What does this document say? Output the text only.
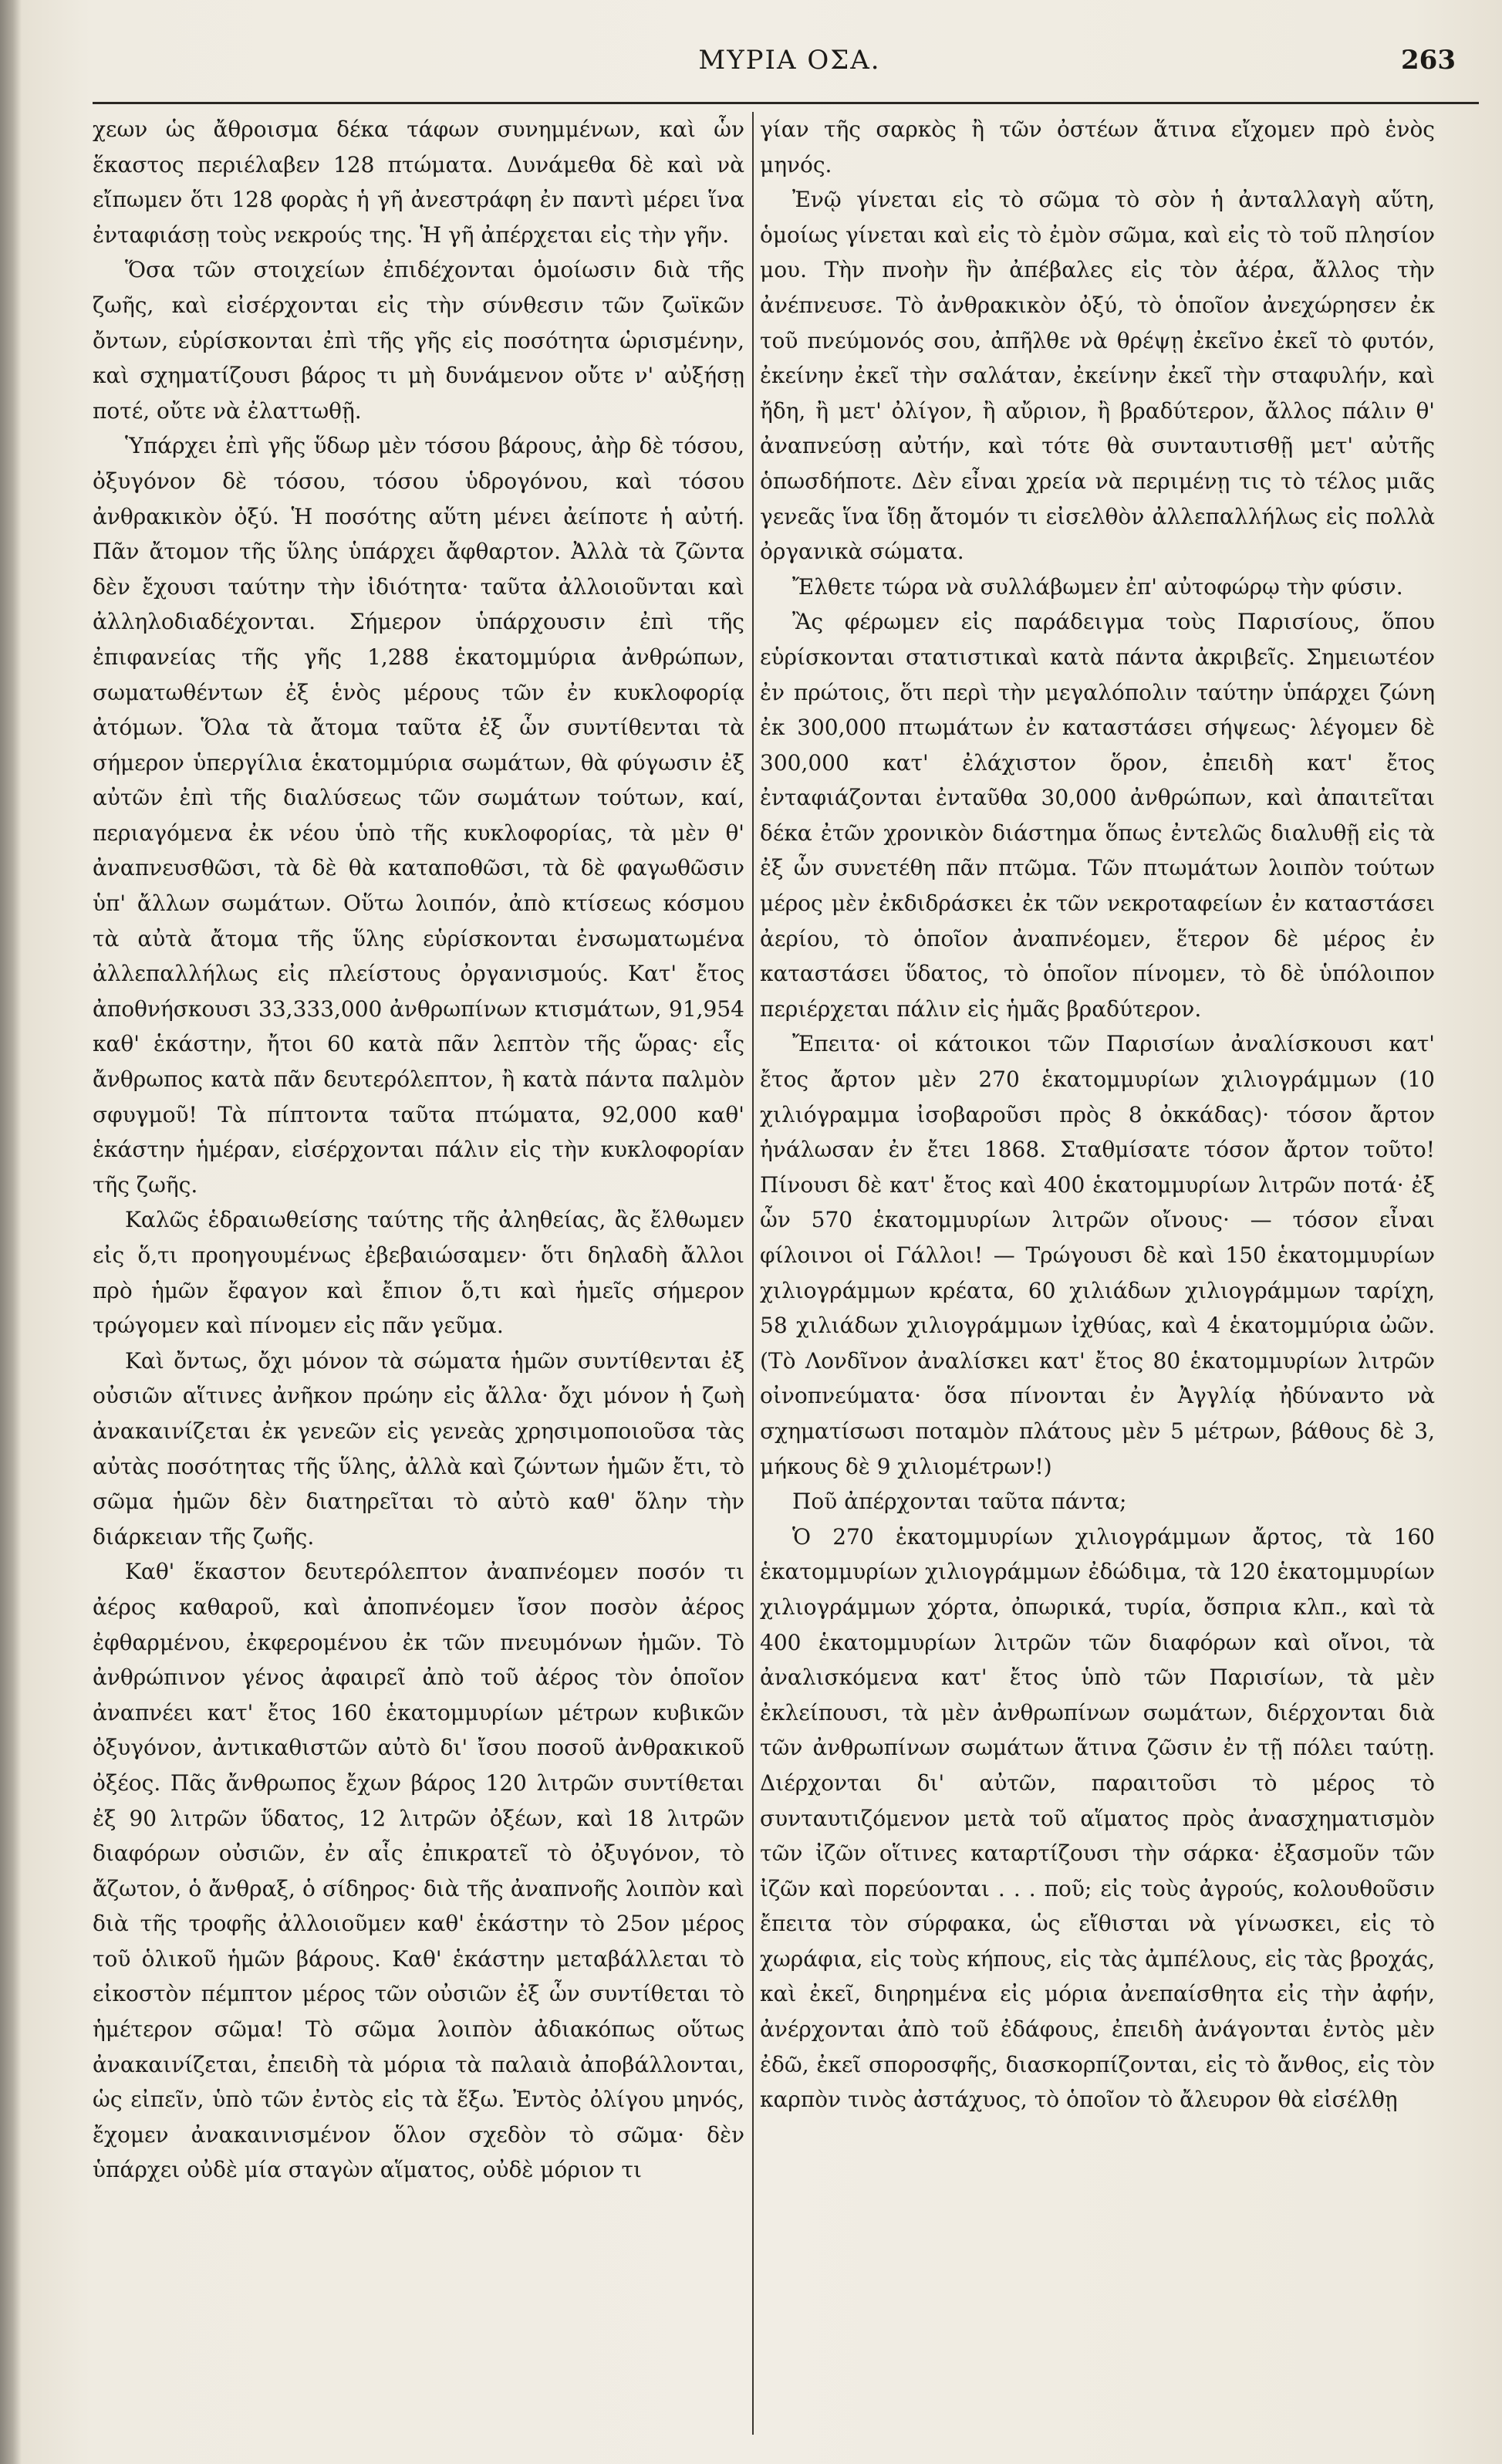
ΜΥΡΙΑ ΟΣΑ.	263

χεων ὡς ἄθροισμα δέκα τάφων συνημμένων, καὶ ὧν ἕκαστος περιέλαβεν 128 πτώματα. Δυνάμεθα δὲ καὶ νὰ εἴπωμεν ὅτι 128 φορὰς ἡ γῆ ἀνεστράφη ἐν παντὶ μέρει ἵνα ἐνταφιάσῃ τοὺς νεκρούς της. Ἡ γῆ ἀπέρχεται εἰς τὴν γῆν.

Ὅσα τῶν στοιχείων ἐπιδέχονται ὁμοίωσιν διὰ τῆς ζωῆς, καὶ εἰσέρχονται εἰς τὴν σύνθεσιν τῶν ζωϊκῶν ὄντων, εὑρίσκονται ἐπὶ τῆς γῆς εἰς ποσότητα ὡρισμένην, καὶ σχηματίζουσι βάρος τι μὴ δυνάμενον οὔτε ν' αὐξήσῃ ποτέ, οὔτε νὰ ἐλαττωθῇ.

Ὑπάρχει ἐπὶ γῆς ὕδωρ μὲν τόσου βάρους, ἀὴρ δὲ τόσου, ὀξυγόνον δὲ τόσου, τόσου ὑδρογόνου, καὶ τόσου ἀνθρακικὸν ὀξύ. Ἡ ποσότης αὕτη μένει ἀείποτε ἡ αὐτή. Πᾶν ἄτομον τῆς ὕλης ὑπάρχει ἄφθαρτον. Ἀλλὰ τὰ ζῶντα δὲν ἔχουσι ταύτην τὴν ἰδιότητα· ταῦτα ἀλλοιοῦνται καὶ ἀλληλοδιαδέχονται. Σήμερον ὑπάρχουσιν ἐπὶ τῆς ἐπιφανείας τῆς γῆς 1,288 ἑκατομμύρια ἀνθρώπων, σωματωθέντων ἐξ ἑνὸς μέρους τῶν ἐν κυκλοφορίᾳ ἀτόμων. Ὅλα τὰ ἄτομα ταῦτα ἐξ ὧν συντίθενται τὰ σήμερον ὑπεργίλια ἑκατομμύρια σωμάτων, θὰ φύγωσιν ἐξ αὐτῶν ἐπὶ τῆς διαλύσεως τῶν σωμάτων τούτων, καί, περιαγόμενα ἐκ νέου ὑπὸ τῆς κυκλοφορίας, τὰ μὲν θ' ἀναπνευσθῶσι, τὰ δὲ θὰ καταποθῶσι, τὰ δὲ φαγωθῶσιν ὑπ' ἄλλων σωμάτων. Οὕτω λοιπόν, ἀπὸ κτίσεως κόσμου τὰ αὐτὰ ἄτομα τῆς ὕλης εὑρίσκονται ἐνσωματωμένα ἀλλεπαλλήλως εἰς πλείστους ὀργανισμούς. Κατ' ἔτος ἀποθνήσκουσι 33,333,000 ἀνθρωπίνων κτισμάτων, 91,954 καθ' ἑκάστην, ἤτοι 60 κατὰ πᾶν λεπτὸν τῆς ὥρας· εἷς ἄνθρωπος κατὰ πᾶν δευτερόλεπτον, ἢ κατὰ πάντα παλμὸν σφυγμοῦ! Τὰ πίπτοντα ταῦτα πτώματα, 92,000 καθ' ἑκάστην ἡμέραν, εἰσέρχονται πάλιν εἰς τὴν κυκλοφορίαν τῆς ζωῆς.

Καλῶς ἑδραιωθείσης ταύτης τῆς ἀληθείας, ἂς ἔλθωμεν εἰς ὅ,τι προηγουμένως ἐβεβαιώσαμεν· ὅτι δηλαδὴ ἄλλοι πρὸ ἡμῶν ἔφαγον καὶ ἔπιον ὅ,τι καὶ ἡμεῖς σήμερον τρώγομεν καὶ πίνομεν εἰς πᾶν γεῦμα.

Καὶ ὄντως, ὄχι μόνον τὰ σώματα ἡμῶν συντίθενται ἐξ οὐσιῶν αἵτινες ἀνῆκον πρώην εἰς ἄλλα· ὄχι μόνον ἡ ζωὴ ἀνακαινίζεται ἐκ γενεῶν εἰς γενεὰς χρησιμοποιοῦσα τὰς αὐτὰς ποσότητας τῆς ὕλης, ἀλλὰ καὶ ζώντων ἡμῶν ἔτι, τὸ σῶμα ἡμῶν δὲν διατηρεῖται τὸ αὐτὸ καθ' ὅλην τὴν διάρκειαν τῆς ζωῆς.

Καθ' ἕκαστον δευτερόλεπτον ἀναπνέομεν ποσόν τι ἀέρος καθαροῦ, καὶ ἀποπνέομεν ἴσον ποσὸν ἀέρος ἐφθαρμένου, ἐκφερομένου ἐκ τῶν πνευμόνων ἡμῶν. Τὸ ἀνθρώπινον γένος ἀφαιρεῖ ἀπὸ τοῦ ἀέρος τὸν ὁποῖον ἀναπνέει κατ' ἔτος 160 ἑκατομμυρίων μέτρων κυβικῶν ὀξυγόνον, ἀντικαθιστῶν αὐτὸ δι' ἴσου ποσοῦ ἀνθρακικοῦ ὀξέος. Πᾶς ἄνθρωπος ἔχων βάρος 120 λιτρῶν συντίθεται ἐξ 90 λιτρῶν ὕδατος, 12 λιτρῶν ὀξέων, καὶ 18 λιτρῶν διαφόρων οὐσιῶν, ἐν αἷς ἐπικρατεῖ τὸ ὀξυγόνον, τὸ ἄζωτον, ὁ ἄνθραξ, ὁ σίδηρος· διὰ τῆς ἀναπνοῆς λοιπὸν καὶ διὰ τῆς τροφῆς ἀλλοιοῦμεν καθ' ἑκάστην τὸ 25ον μέρος τοῦ ὁλικοῦ ἡμῶν βάρους. Καθ' ἑκάστην μεταβάλλεται τὸ εἰκοστὸν πέμπτον μέρος τῶν οὐσιῶν ἐξ ὧν συντίθεται τὸ ἡμέτερον σῶμα! Τὸ σῶμα λοιπὸν ἀδιακόπως οὕτως ἀνακαινίζεται, ἐπειδὴ τὰ μόρια τὰ παλαιὰ ἀποβάλλονται, ὡς εἰπεῖν, ὑπὸ τῶν ἐντὸς εἰς τὰ ἔξω. Ἐντὸς ὀλίγου μηνός, ἔχομεν ἀνακαινισμένον ὅλον σχεδὸν τὸ σῶμα· δὲν ὑπάρχει οὐδὲ μία σταγὼν αἵματος, οὐδὲ μόριον τι

γίαν τῆς σαρκὸς ἢ τῶν ὀστέων ἅτινα εἴχομεν πρὸ ἑνὸς μηνός.

Ἐνῷ γίνεται εἰς τὸ σῶμα τὸ σὸν ἡ ἀνταλλαγὴ αὕτη, ὁμοίως γίνεται καὶ εἰς τὸ ἐμὸν σῶμα, καὶ εἰς τὸ τοῦ πλησίον μου. Τὴν πνοὴν ἣν ἀπέβαλες εἰς τὸν ἀέρα, ἄλλος τὴν ἀνέπνευσε. Τὸ ἀνθρακικὸν ὀξύ, τὸ ὁποῖον ἀνεχώρησεν ἐκ τοῦ πνεύμονός σου, ἀπῆλθε νὰ θρέψῃ ἐκεῖνο ἐκεῖ τὸ φυτόν, ἐκείνην ἐκεῖ τὴν σαλάταν, ἐκείνην ἐκεῖ τὴν σταφυλήν, καὶ ἤδη, ἢ μετ' ὀλίγον, ἢ αὔριον, ἢ βραδύτερον, ἄλλος πάλιν θ' ἀναπνεύσῃ αὐτήν, καὶ τότε θὰ συνταυτισθῇ μετ' αὐτῆς ὁπωσδήποτε. Δὲν εἶναι χρεία νὰ περιμένῃ τις τὸ τέλος μιᾶς γενεᾶς ἵνα ἴδῃ ἄτομόν τι εἰσελθὸν ἀλλεπαλλήλως εἰς πολλὰ ὀργανικὰ σώματα.

Ἔλθετε τώρα νὰ συλλάβωμεν ἐπ' αὐτοφώρῳ τὴν φύσιν.

Ἂς φέρωμεν εἰς παράδειγμα τοὺς Παρισίους, ὅπου εὑρίσκονται στατιστικαὶ κατὰ πάντα ἀκριβεῖς. Σημειωτέον ἐν πρώτοις, ὅτι περὶ τὴν μεγαλόπολιν ταύτην ὑπάρχει ζώνη ἐκ 300,000 πτωμάτων ἐν καταστάσει σήψεως· λέγομεν δὲ 300,000 κατ' ἐλάχιστον ὅρον, ἐπειδὴ κατ' ἔτος ἐνταφιάζονται ἐνταῦθα 30,000 ἀνθρώπων, καὶ ἀπαιτεῖται δέκα ἐτῶν χρονικὸν διάστημα ὅπως ἐντελῶς διαλυθῇ εἰς τὰ ἐξ ὧν συνετέθη πᾶν πτῶμα. Τῶν πτωμάτων λοιπὸν τούτων μέρος μὲν ἐκδιδράσκει ἐκ τῶν νεκροταφείων ἐν καταστάσει ἀερίου, τὸ ὁποῖον ἀναπνέομεν, ἕτερον δὲ μέρος ἐν καταστάσει ὕδατος, τὸ ὁποῖον πίνομεν, τὸ δὲ ὑπόλοιπον περιέρχεται πάλιν εἰς ἡμᾶς βραδύτερον.

Ἔπειτα· οἱ κάτοικοι τῶν Παρισίων ἀναλίσκουσι κατ' ἔτος ἄρτον μὲν 270 ἑκατομμυρίων χιλιογράμμων (10 χιλιόγραμμα ἰσοβαροῦσι πρὸς 8 ὀκκάδας)· τόσον ἄρτον ἠνάλωσαν ἐν ἔτει 1868. Σταθμίσατε τόσον ἄρτον τοῦτο! Πίνουσι δὲ κατ' ἔτος καὶ 400 ἑκατομμυρίων λιτρῶν ποτά· ἐξ ὧν 570 ἑκατομμυρίων λιτρῶν οἴνους· — τόσον εἶναι φίλοινοι οἱ Γάλλοι! — Τρώγουσι δὲ καὶ 150 ἑκατομμυρίων χιλιογράμμων κρέατα, 60 χιλιάδων χιλιογράμμων ταρίχη, 58 χιλιάδων χιλιογράμμων ἰχθύας, καὶ 4 ἑκατομμύρια ὠῶν. (Τὸ Λονδῖνον ἀναλίσκει κατ' ἔτος 80 ἑκατομμυρίων λιτρῶν οἰνοπνεύματα· ὅσα πίνονται ἐν Ἀγγλίᾳ ἠδύναντο νὰ σχηματίσωσι ποταμὸν πλάτους μὲν 5 μέτρων, βάθους δὲ 3, μήκους δὲ 9 χιλιομέτρων!)

Ποῦ ἀπέρχονται ταῦτα πάντα;

Ὁ 270 ἑκατομμυρίων χιλιογράμμων ἄρτος, τὰ 160 ἑκατομμυρίων χιλιογράμμων ἐδώδιμα, τὰ 120 ἑκατομμυρίων χιλιογράμμων χόρτα, ὀπωρικά, τυρία, ὄσπρια κλπ., καὶ τὰ 400 ἑκατομμυρίων λιτρῶν τῶν διαφόρων καὶ οἴνοι, τὰ ἀναλισκόμενα κατ' ἔτος ὑπὸ τῶν Παρισίων, τὰ μὲν ἐκλείπουσι, τὰ μὲν ἀνθρωπίνων σωμάτων, διέρχονται διὰ τῶν ἀνθρωπίνων σωμάτων ἅτινα ζῶσιν ἐν τῇ πόλει ταύτῃ. Διέρχονται δι' αὐτῶν, παραιτοῦσι τὸ μέρος τὸ συνταυτιζόμενον μετὰ τοῦ αἵματος πρὸς ἀνασχηματισμὸν τῶν ἰζῶν οἵτινες καταρτίζουσι τὴν σάρκα· ἐξασμοῦν τῶν ἰζῶν καὶ πορεύονται . . . ποῦ; εἰς τοὺς ἀγρούς, κολουθοῦσιν ἔπειτα τὸν σύρφακα, ὡς εἴθισται νὰ γίνωσκει, εἰς τὸ χωράφια, εἰς τοὺς κήπους, εἰς τὰς ἀμπέλους, εἰς τὰς βροχάς, καὶ ἐκεῖ, διηρημένα εἰς μόρια ἀνεπαίσθητα εἰς τὴν ἀφήν, ἀνέρχονται ἀπὸ τοῦ ἐδάφους, ἐπειδὴ ἀνάγονται ἐντὸς μὲν ἐδῶ, ἐκεῖ σποροσφῆς, διασκορπίζονται, εἰς τὸ ἄνθος, εἰς τὸν καρπὸν τινὸς ἀστάχυος, τὸ ὁποῖον τὸ ἄλευρον θὰ εἰσέλθῃ
